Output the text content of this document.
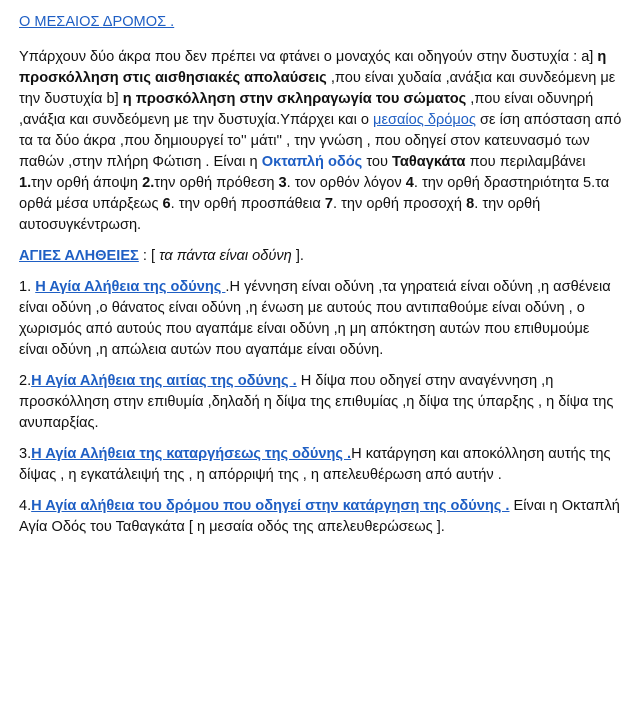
Ο ΜΕΣΑΙΟΣ ΔΡΟΜΟΣ .

Υπάρχουν δύο άκρα που δεν πρέπει να φτάνει ο μοναχός και οδηγούν στην δυστυχία : a] η προσκόλληση στις αισθησιακές απολαύσεις ,που είναι χυδαία ,ανάξια και συνδεόμενη με την δυστυχία b] η προσκόλληση στην σκληραγωγία του σώματος ,που είναι οδυνηρή ,ανάξια και συνδεόμενη με την δυστυχία.Υπάρχει και ο μεσαίος δρόμος σε ίση απόσταση από τα τα δύο άκρα ,που δημιουργεί το'' μάτι'' , την γνώση , που οδηγεί στον κατευνασμό των παθών ,στην πλήρη Φώτιση . Είναι η Οκταπλή οδός του Ταθαγκάτα που περιλαμβάνει 1.την ορθή άποψη 2.την ορθή πρόθεση 3. τον ορθόν λόγον 4. την ορθή δραστηριότητα 5.τα ορθά μέσα υπάρξεως 6. την ορθή προσπάθεια 7. την ορθή προσοχή 8. την ορθή αυτοσυγκέντρωση.

ΑΓΙΕΣ ΑΛΗΘΕΙΕΣ : [ τα πάντα είναι οδύνη ].

1. Η Αγία Αλήθεια της οδύνης .Η γέννηση είναι οδύνη ,τα γηρατειά είναι οδύνη ,η ασθένεια είναι οδύνη ,ο θάνατος είναι οδύνη ,η ένωση με αυτούς που αντιπαθούμε είναι οδύνη , ο χωρισμός από αυτούς που αγαπάμε είναι οδύνη ,η μη απόκτηση αυτών που επιθυμούμε είναι οδύνη ,η απώλεια αυτών που αγαπάμε είναι οδύνη.

2.Η Αγία Αλήθεια της αιτίας της οδύνης . Η δίψα που οδηγεί στην αναγέννηση ,η προσκόλληση στην επιθυμία ,δηλαδή η δίψα της επιθυμίας ,η δίψα της ύπαρξης , η δίψα της ανυπαρξίας.

3.Η Αγία Αλήθεια της καταργήσεως της οδύνης .Η κατάργηση και αποκόλληση αυτής της δίψας , η εγκατάλειψή της , η απόρριψή της , η απελευθέρωση από αυτήν .

4.Η Αγία αλήθεια του δρόμου που οδηγεί στην κατάργηση της οδύνης . Είναι η Οκταπλή Αγία Οδός του Ταθαγκάτα [ η μεσαία οδός της απελευθερώσεως ].
